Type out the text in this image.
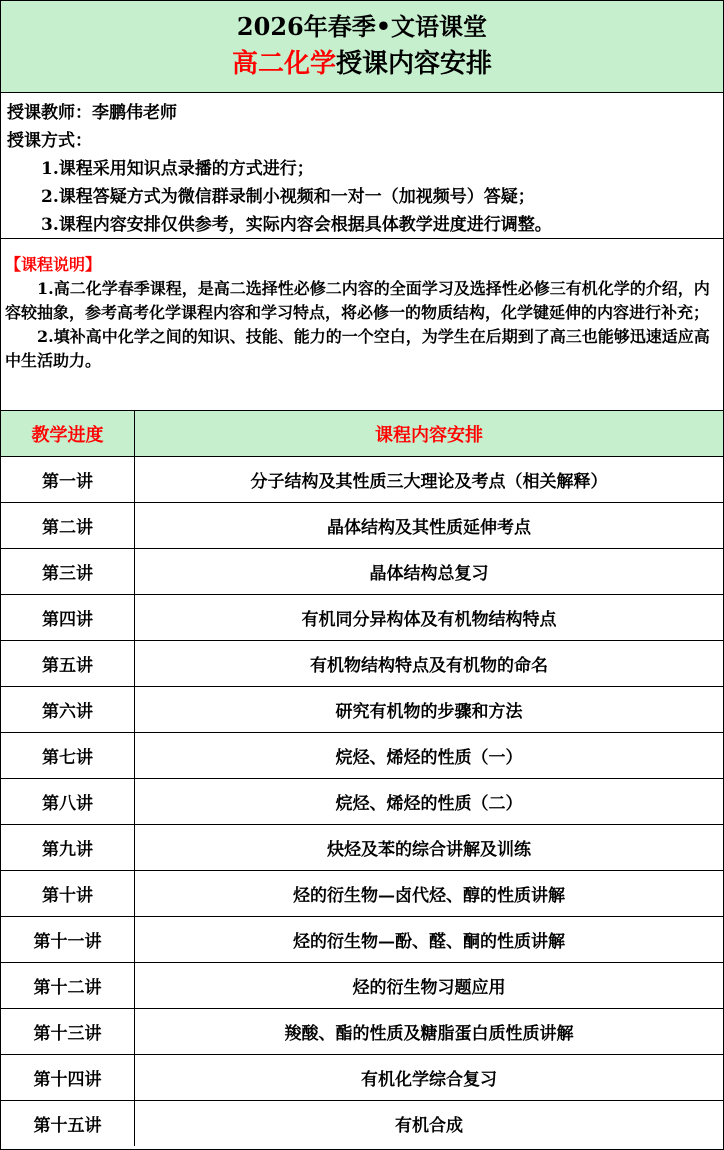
2026年春季•文语课堂
高二化学授课内容安排
授课教师：李鹏伟老师
授课方式：
1.课程采用知识点录播的方式进行；
2.课程答疑方式为微信群录制小视频和一对一（加视频号）答疑；
3.课程内容安排仅供参考，实际内容会根据具体教学进度进行调整。
【课程说明】
1.高二化学春季课程，是高二选择性必修二内容的全面学习及选择性必修三有机化学的介绍，内容较抽象，参考高考化学课程内容和学习特点，将必修一的物质结构，化学键延伸的内容进行补充；
2.填补高中化学之间的知识、技能、能力的一个空白，为学生在后期到了高三也能够迅速适应高中生活助力。
教学进度	课程内容安排
第一讲	分子结构及其性质三大理论及考点（相关解释）
第二讲	晶体结构及其性质延伸考点
第三讲	晶体结构总复习
第四讲	有机同分异构体及有机物结构特点
第五讲	有机物结构特点及有机物的命名
第六讲	研究有机物的步骤和方法
第七讲	烷烃、烯烃的性质（一）
第八讲	烷烃、烯烃的性质（二）
第九讲	炔烃及苯的综合讲解及训练
第十讲	烃的衍生物—卤代烃、醇的性质讲解
第十一讲	烃的衍生物—酚、醛、酮的性质讲解
第十二讲	烃的衍生物习题应用
第十三讲	羧酸、酯的性质及糖脂蛋白质性质讲解
第十四讲	有机化学综合复习
第十五讲	有机合成
